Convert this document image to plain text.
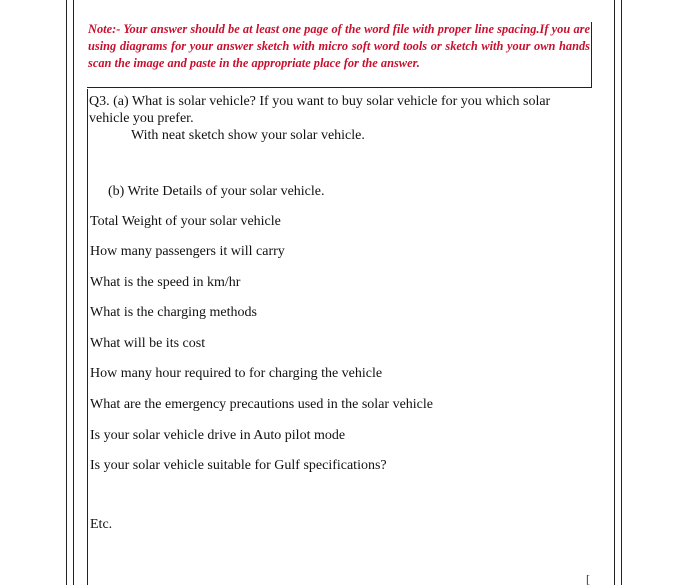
Note:- Your answer should be at least one page of the word file with proper line spacing.If you are using diagrams for your answer sketch with micro soft word tools or sketch with your own hands scan the image and paste in the appropriate place for the answer.
Q3. (a) What is solar vehicle? If you want to buy solar vehicle for you which solar vehicle you prefer.
With neat sketch show your solar vehicle.
(b) Write Details of your solar vehicle.
Total Weight of your solar vehicle
How many passengers it will carry
What is the speed in km/hr
What is the charging methods
What will be its cost
How many hour required to for charging the vehicle
What are the emergency precautions used in the solar vehicle
Is your solar vehicle drive in Auto pilot mode
Is your solar vehicle suitable for Gulf specifications?
Etc.
[
